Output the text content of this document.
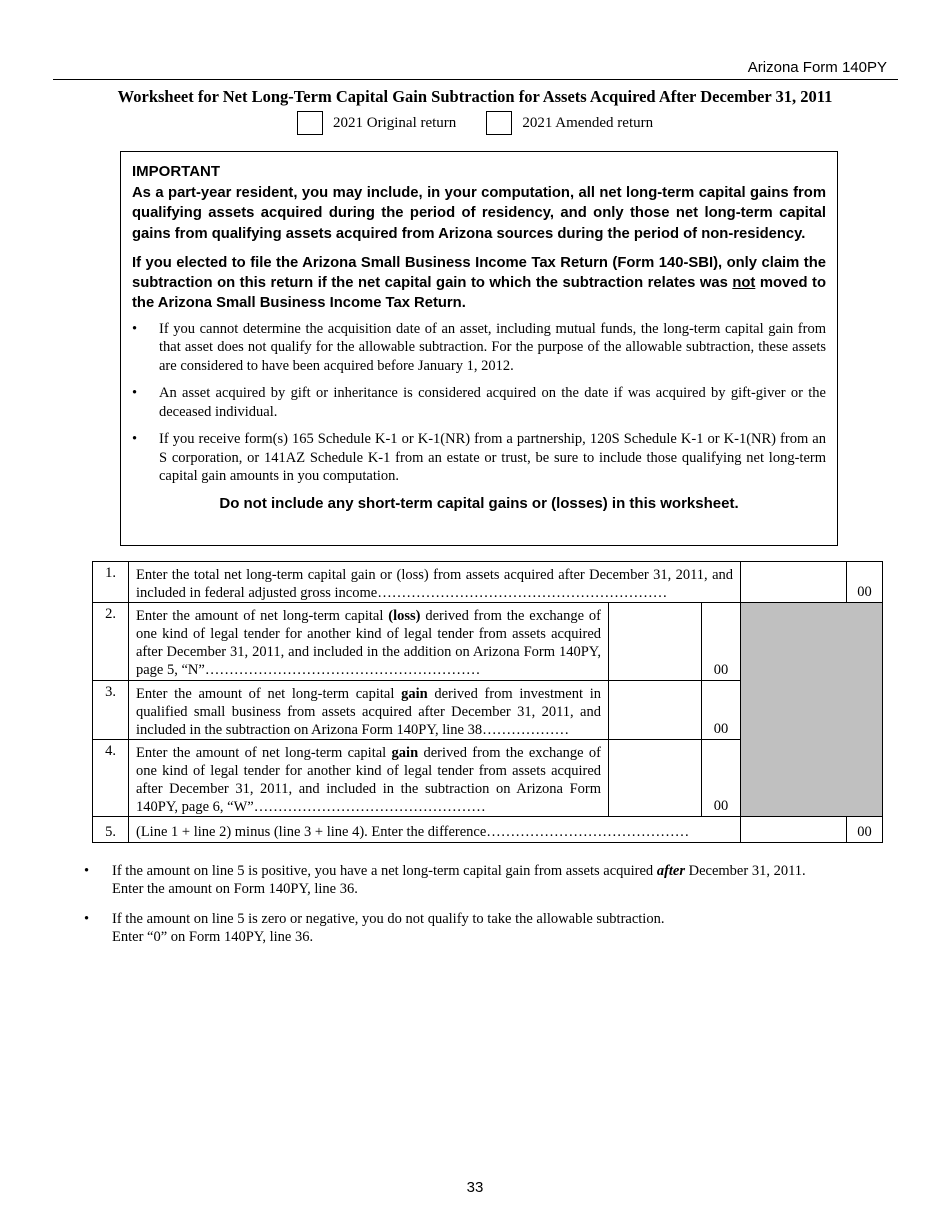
Arizona Form 140PY
Worksheet for Net Long-Term Capital Gain Subtraction for Assets Acquired After December 31, 2011
2021 Original return	2021 Amended return
IMPORTANT

As a part-year resident, you may include, in your computation, all net long-term capital gains from qualifying assets acquired during the period of residency, and only those net long-term capital gains from qualifying assets acquired from Arizona sources during the period of non-residency.

If you elected to file the Arizona Small Business Income Tax Return (Form 140-SBI), only claim the subtraction on this return if the net capital gain to which the subtraction relates was not moved to the Arizona Small Business Income Tax Return.

• If you cannot determine the acquisition date of an asset, including mutual funds, the long-term capital gain from that asset does not qualify for the allowable subtraction. For the purpose of the allowable subtraction, these assets are considered to have been acquired before January 1, 2012.
• An asset acquired by gift or inheritance is considered acquired on the date if was acquired by gift-giver or the deceased individual.
• If you receive form(s) 165 Schedule K-1 or K-1(NR) from a partnership, 120S Schedule K-1 or K-1(NR) from an S corporation, or 141AZ Schedule K-1 from an estate or trust, be sure to include those qualifying net long-term capital gain amounts in you computation.
Do not include any short-term capital gains or (losses) in this worksheet.
1.	Enter the total net long-term capital gain or (loss) from assets acquired after December 31, 2011, and included in federal adjusted gross income……………………………………………………				00
2.	Enter the amount of net long-term capital (loss) derived from the exchange of one kind of legal tender for another kind of legal tender from assets acquired after December 31, 2011, and included in the addition on Arizona Form 140PY, page 5, “N”…………………………………………………		00		
3.	Enter the amount of net long-term capital gain derived from investment in qualified small business from assets acquired after December 31, 2011, and included in the subtraction on Arizona Form 140PY, line 38………………		00		
4.	Enter the amount of net long-term capital gain derived from the exchange of one kind of legal tender for another kind of legal tender from assets acquired after December 31, 2011, and included in the subtraction on Arizona Form 140PY, page 6, “W”…………………………………………		00		
5.	(Line 1 + line 2) minus (line 3 + line 4). Enter the difference……………………………………				00
• If the amount on line 5 is positive, you have a net long-term capital gain from assets acquired after December 31, 2011.
Enter the amount on Form 140PY, line 36.
• If the amount on line 5 is zero or negative, you do not qualify to take the allowable subtraction.
Enter “0” on Form 140PY, line 36.
33
